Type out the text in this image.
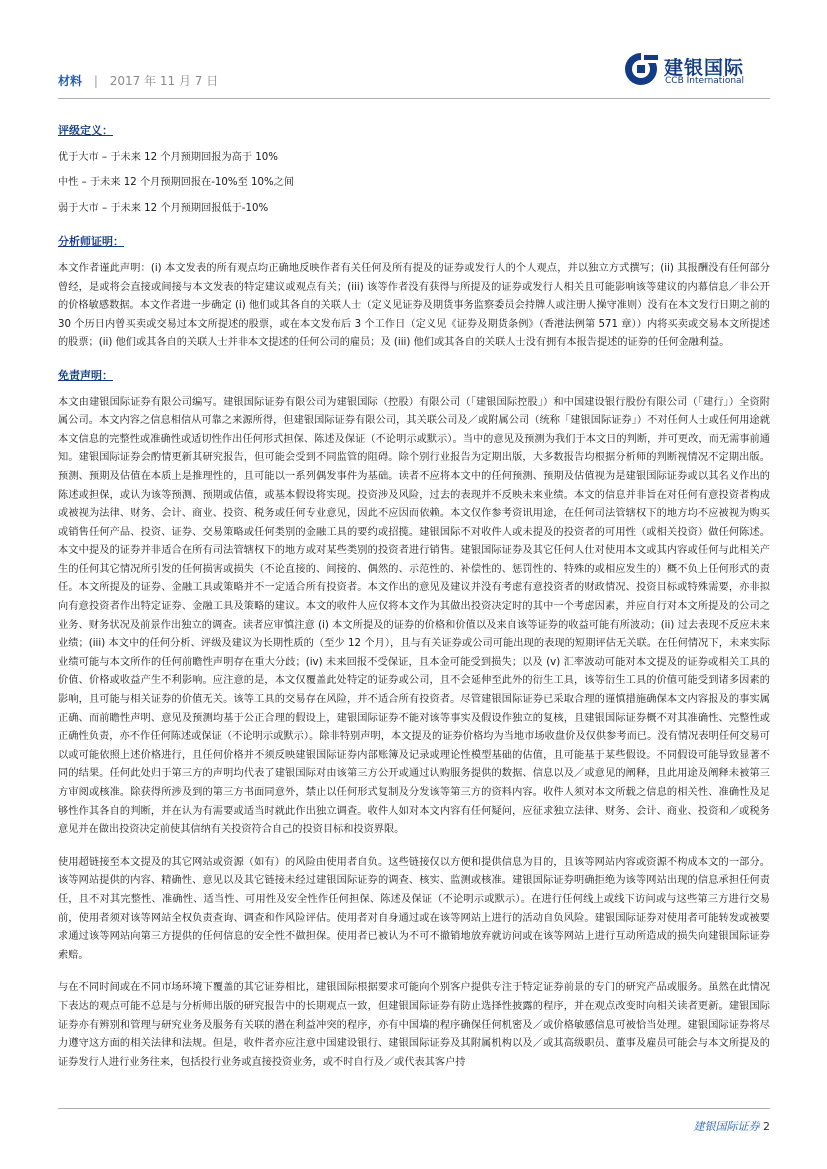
材料 | 2017 年 11 月 7 日
建银国际
CCB International
评级定义：
优于大市 – 于未来 12 个月预期回报为高于 10%
中性 – 于未来 12 个月预期回报在-10%至 10%之间
弱于大市 – 于未来 12 个月预期回报低于-10%
分析师证明：
本文作者谨此声明：(i) 本文发表的所有观点均正确地反映作者有关任何及所有提及的证券或发行人的个人观点，并以独立方式撰写；(ii) 其报酬没有任何部分曾经，是或将会直接或间接与本文发表的特定建议或观点有关；(iii) 该等作者没有获得与所提及的证券或发行人相关且可能影响该等建议的内幕信息／非公开的价格敏感数据。本文作者进一步确定 (i) 他们或其各自的关联人士（定义见证券及期货事务监察委员会持牌人或注册人操守准则）没有在本文发行日期之前的 30 个历日内曾买卖或交易过本文所提述的股票，或在本文发布后 3 个工作日（定义见《证券及期货条例》（香港法例第 571 章））内将买卖或交易本文所提述的股票；(ii) 他们或其各自的关联人士并非本文提述的任何公司的雇员；及 (iii) 他们或其各自的关联人士没有拥有本报告提述的证券的任何金融利益。
免责声明：
本文由建银国际证券有限公司编写。建银国际证券有限公司为建银国际（控股）有限公司（「建银国际控股」）和中国建设银行股份有限公司（「建行」）全资附属公司。本文内容之信息相信从可靠之来源所得，但建银国际证券有限公司，其关联公司及／或附属公司（统称「建银国际证券」）不对任何人士或任何用途就本文信息的完整性或准确性或适切性作出任何形式担保、陈述及保证（不论明示或默示）。当中的意见及预测为我们于本文日的判断，并可更改，而无需事前通知。建银国际证券会酌情更新其研究报告，但可能会受到不同监管的阻碍。除个别行业报告为定期出版，大多数报告均根据分析师的判断视情况不定期出版。预测、预期及估值在本质上是推理性的，且可能以一系列偶发事件为基础。读者不应将本文中的任何预测、预期及估值视为是建银国际证券或以其名义作出的陈述或担保，或认为该等预测、预期或估值，或基本假设将实现。投资涉及风险，过去的表现并不反映未来业绩。本文的信息并非旨在对任何有意投资者构成或被视为法律、财务、会计、商业、投资、税务或任何专业意见，因此不应因而依赖。本文仅作参考资讯用途，在任何司法管辖权下的地方均不应被视为购买或销售任何产品、投资、证券、交易策略或任何类别的金融工具的要约或招揽。建银国际不对收件人或未提及的投资者的可用性（或相关投资）做任何陈述。本文中提及的证券并非适合在所有司法管辖权下的地方或对某些类别的投资者进行销售。建银国际证券及其它任何人仕对使用本文或其内容或任何与此相关产生的任何其它情况所引发的任何损害或损失（不论直接的、间接的、偶然的、示范性的、补偿性的、惩罚性的、特殊的或相应发生的）概不负上任何形式的责任。本文所提及的证券、金融工具或策略并不一定适合所有投资者。本文作出的意见及建议并没有考虑有意投资者的财政情况、投资目标或特殊需要，亦非拟向有意投资者作出特定证券、金融工具及策略的建议。本文的收件人应仅将本文作为其做出投资决定时的其中一个考虑因素，并应自行对本文所提及的公司之业务、财务状况及前景作出独立的调查。读者应审慎注意 (i) 本文所提及的证券的价格和价值以及来自该等证券的收益可能有所波动；(ii) 过去表现不反应未来业绩；(iii) 本文中的任何分析、评级及建议为长期性质的（至少 12 个月），且与有关证券或公司可能出现的表现的短期评估无关联。在任何情况下，未来实际业绩可能与本文所作的任何前瞻性声明存在重大分歧；(iv) 未来回报不受保证，且本金可能受到损失；以及 (v) 汇率波动可能对本文提及的证券或相关工具的价值、价格或收益产生不利影响。应注意的是，本文仅覆盖此处特定的证券或公司，且不会延伸至此外的衍生工具，该等衍生工具的价值可能受到诸多因素的影响，且可能与相关证券的价值无关。该等工具的交易存在风险，并不适合所有投资者。尽管建银国际证券已采取合理的谨慎措施确保本文内容报及的事实属正确、而前瞻性声明、意见及预测均基于公正合理的假设上，建银国际证券不能对该等事实及假设作独立的复核，且建银国际证券概不对其准确性、完整性或正确性负责，亦不作任何陈述或保证（不论明示或默示）。除非特别声明，本文提及的证券价格均为当地市场收盘价及仅供参考而已。没有情况表明任何交易可以或可能依照上述价格进行，且任何价格并不须反映建银国际证券内部账簿及记录或理论性模型基础的估值，且可能基于某些假设。不同假设可能导致显著不同的结果。任何此处归于第三方的声明均代表了建银国际对由该第三方公开或通过认购服务提供的数据、信息以及／或意见的阐释，且此用途及阐释未被第三方审阅或核准。除获得所涉及到的第三方书面同意外，禁止以任何形式复制及分发该等第三方的资料内容。收件人须对本文所载之信息的相关性、准确性及足够性作其各自的判断，并在认为有需要或适当时就此作出独立调查。收件人如对本文内容有任何疑问，应征求独立法律、财务、会计、商业、投资和／或税务意见并在做出投资决定前使其信纳有关投资符合自己的投资目标和投资界限。
使用超链接至本文提及的其它网站或资源（如有）的风险由使用者自负。这些链接仅以方便和提供信息为目的，且该等网站内容或资源不构成本文的一部分。该等网站提供的内容、精确性、意见以及其它链接未经过建银国际证券的调查、核实、监测或核准。建银国际证券明确拒绝为该等网站出现的信息承担任何责任，且不对其完整性、准确性、适当性、可用性及安全性作任何担保、陈述及保证（不论明示或默示）。在进行任何线上或线下访问或与这些第三方进行交易前，使用者须对该等网站全权负责查询、调查和作风险评估。使用者对自身通过或在该等网站上进行的活动自负风险。建银国际证券对使用者可能转发或被要求通过该等网站向第三方提供的任何信息的安全性不做担保。使用者已被认为不可不撤销地放弃就访问或在该等网站上进行互动所造成的损失向建银国际证券索赔。
与在不同时间或在不同市场环境下覆盖的其它证券相比，建银国际根据要求可能向个别客户提供专注于特定证券前景的专门的研究产品或服务。虽然在此情况下表达的观点可能不总是与分析师出版的研究报告中的长期观点一致，但建银国际证券有防止选择性披露的程序，并在观点改变时向相关读者更新。建银国际证券亦有辨别和管理与研究业务及服务有关联的潜在利益冲突的程序，亦有中国墙的程序确保任何机密及／或价格敏感信息可被恰当处理。建银国际证券将尽力遵守这方面的相关法律和法规。但是，收件者亦应注意中国建设银行、建银国际证券及其附属机构以及／或其高级职员、董事及雇员可能会与本文所提及的证券发行人进行业务往来，包括投行业务或直接投资业务，或不时自行及／或代表其客户持
建银国际证券 2
